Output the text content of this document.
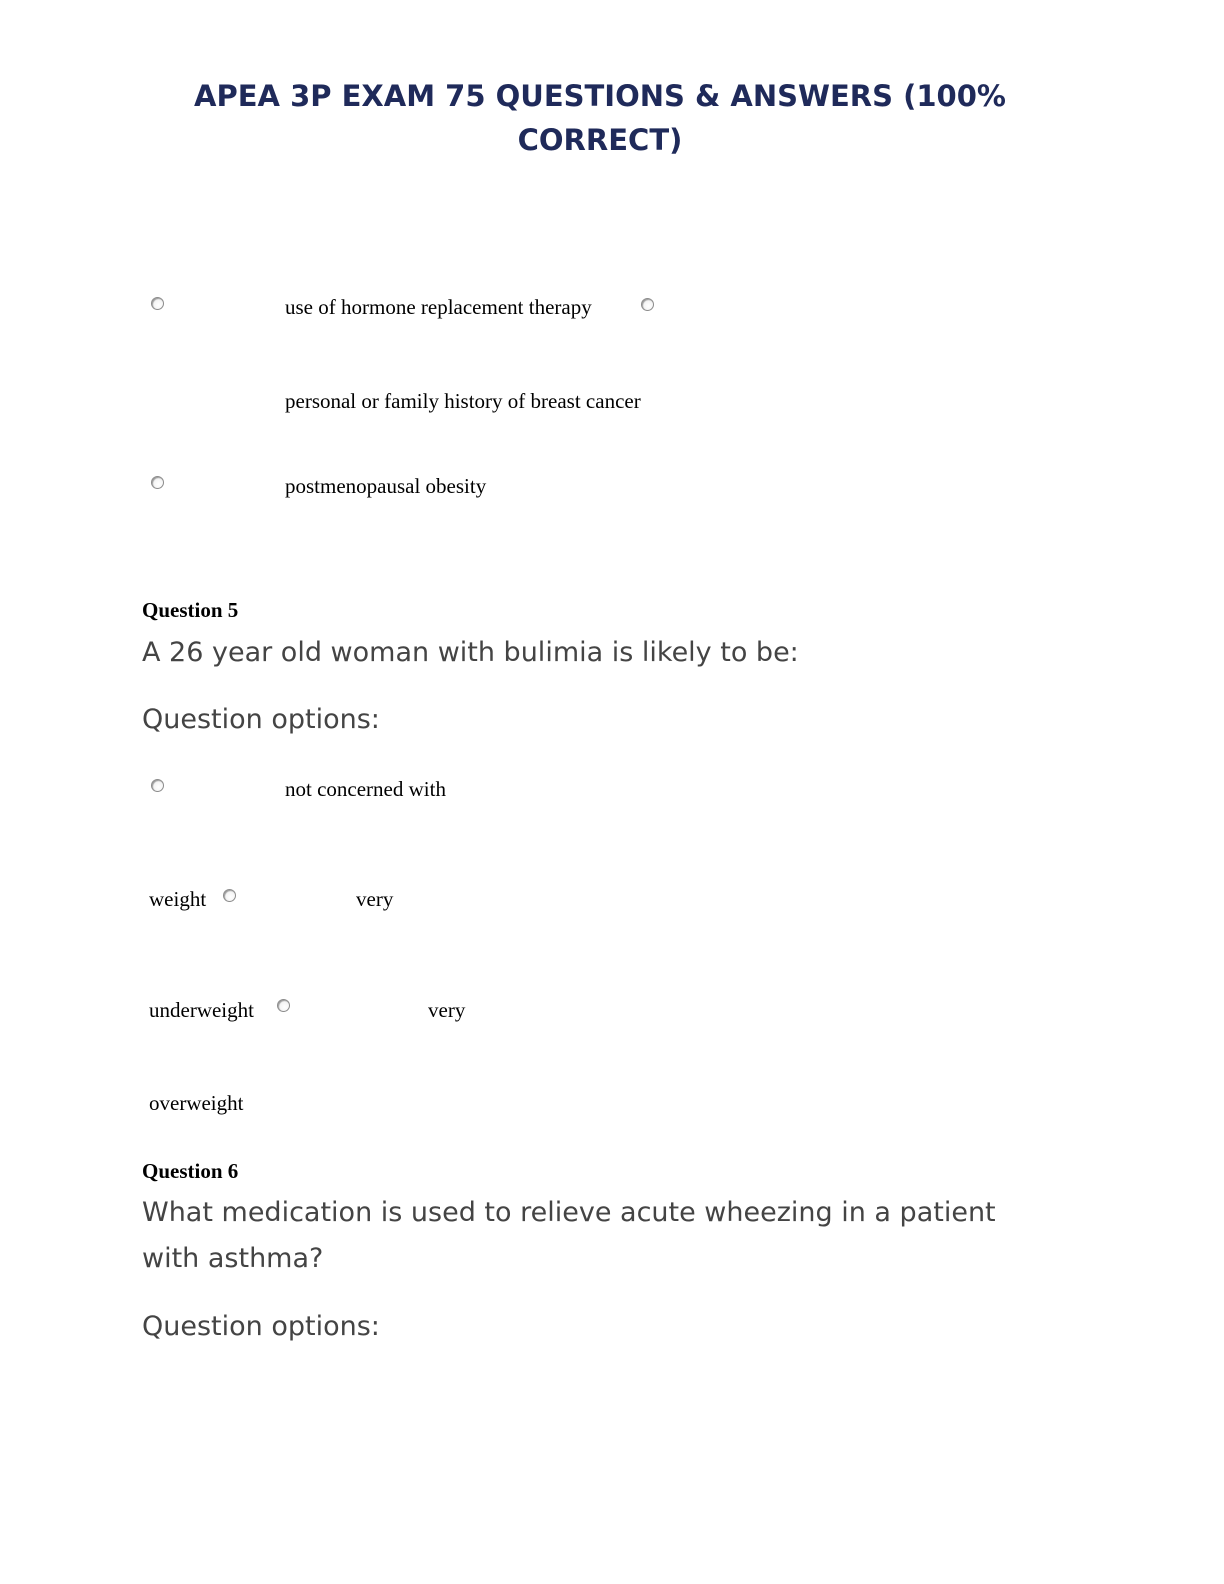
APEA 3P EXAM 75 QUESTIONS & ANSWERS (100%
CORRECT)
use of hormone replacement therapy
personal or family history of breast cancer
postmenopausal obesity
Question 5
A 26 year old woman with bulimia is likely to be:
Question options:
not concerned with
weight	very
underweight	very
overweight
Question 6
What medication is used to relieve acute wheezing in a patient
with asthma?
Question options:
